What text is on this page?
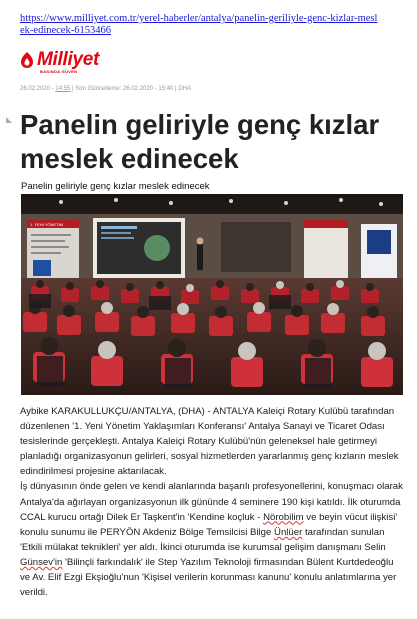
https://www.milliyet.com.tr/yerel-haberler/antalya/panelin-geriliyle-genc-kizlar-meslek-edinecek-6153466
Milliyet
BASINDA GÜVEN
26.02.2020 - 14:55 | Son Güncelleme: 26.02.2020 - 15:40 | DHA
Panelin geliriyle genç kızlar meslek edinecek
Panelin geliriyle genç kızlar meslek edinecek
1. YENİ YÖNETİM

Aybike KARAKULLUKÇU/ANTALYA, (DHA) - ANTALYA Kaleiçi Rotary Kulübü tarafından düzenlenen '1. Yeni Yönetim Yaklaşımları Konferansı' Antalya Sanayi ve Ticaret Odası tesislerinde gerçekleşti. Antalya Kaleiçi Rotary Kulübü'nün geleneksel hale getirmeyi planladığı organizasyonun gelirleri, sosyal hizmetlerden yararlanmış genç kızların meslek edindirilmesi projesine aktarılacak.

İş dünyasının önde gelen ve kendi alanlarında başarılı profesyonellerini, konuşmacı olarak Antalya'da ağırlayan organizasyonun ilk gününde 4 seminere 190 kişi katıldı. İlk oturumda CCAL kurucu ortağı Dilek Er Taşkent'in 'Kendine koçluk - Nörobilim ve beyin vücut ilişkisi' konulu sunumu ile PERYÖN Akdeniz Bölge Temsilcisi Bilge Ünlüer tarafından sunulan 'Etkili mülakat teknikleri' yer aldı. İkinci oturumda ise kurumsal gelişim danışmanı Selin Günsev'in 'Bilinçli farkındalık' ile Step Yazılım Teknoloji firmasından Bülent Kurtdedeoğlu ve Av. Elif Ezgi Ekşioğlu'nun 'Kişisel verilerin korunması kanunu' konulu anlatımlarına yer verildi.
